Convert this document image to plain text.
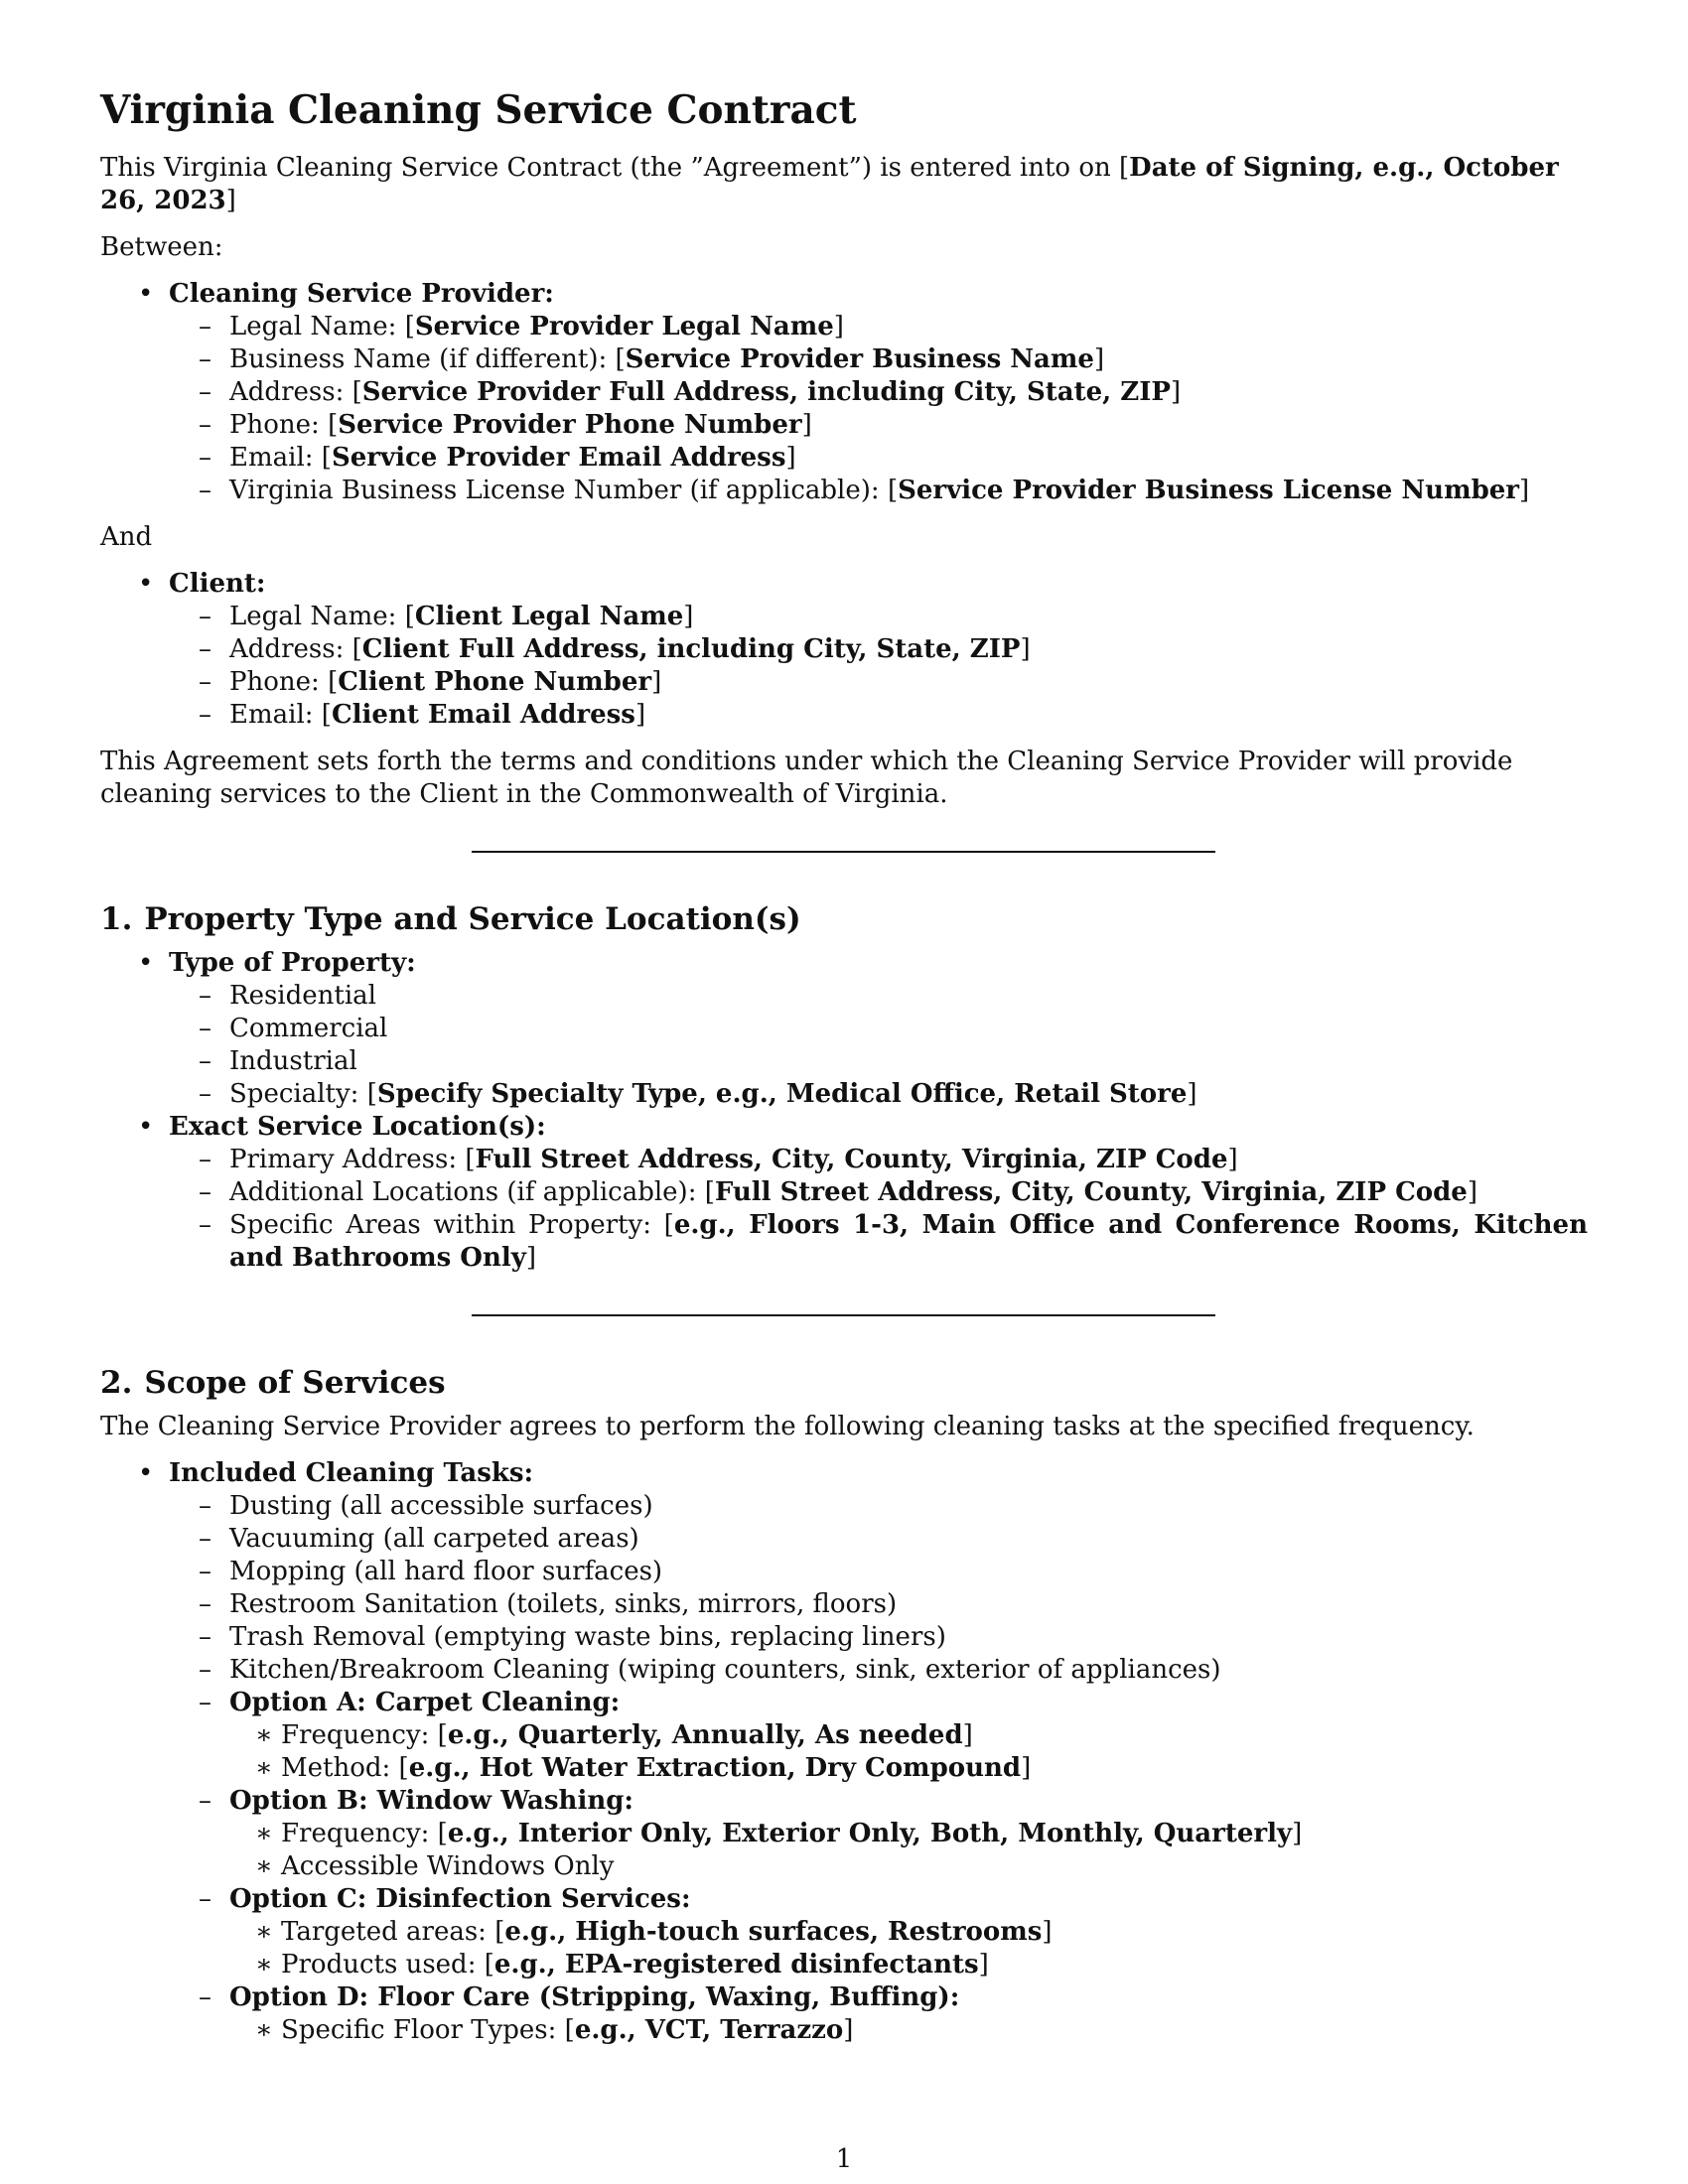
Virginia Cleaning Service Contract

This Virginia Cleaning Service Contract (the ”Agreement”) is entered into on [Date of Signing, e.g., October 26, 2023]

Between:

• Cleaning Service Provider:
– Legal Name: [Service Provider Legal Name]
– Business Name (if different): [Service Provider Business Name]
– Address: [Service Provider Full Address, including City, State, ZIP]
– Phone: [Service Provider Phone Number]
– Email: [Service Provider Email Address]
– Virginia Business License Number (if applicable): [Service Provider Business License Number]

And

• Client:
– Legal Name: [Client Legal Name]
– Address: [Client Full Address, including City, State, ZIP]
– Phone: [Client Phone Number]
– Email: [Client Email Address]

This Agreement sets forth the terms and conditions under which the Cleaning Service Provider will provide cleaning services to the Client in the Commonwealth of Virginia.

1. Property Type and Service Location(s)
• Type of Property:
– Residential
– Commercial
– Industrial
– Specialty: [Specify Specialty Type, e.g., Medical Office, Retail Store]
• Exact Service Location(s):
– Primary Address: [Full Street Address, City, County, Virginia, ZIP Code]
– Additional Locations (if applicable): [Full Street Address, City, County, Virginia, ZIP Code]
– Specific Areas within Property: [e.g., Floors 1-3, Main Office and Conference Rooms, Kitchen and Bathrooms Only]
2. Scope of Services

The Cleaning Service Provider agrees to perform the following cleaning tasks at the specified frequency.

• Included Cleaning Tasks:
– Dusting (all accessible surfaces)
– Vacuuming (all carpeted areas)
– Mopping (all hard floor surfaces)
– Restroom Sanitation (toilets, sinks, mirrors, floors)
– Trash Removal (emptying waste bins, replacing liners)
– Kitchen/Breakroom Cleaning (wiping counters, sink, exterior of appliances)
– Option A: Carpet Cleaning:
∗ Frequency: [e.g., Quarterly, Annually, As needed]
∗ Method: [e.g., Hot Water Extraction, Dry Compound]
– Option B: Window Washing:
∗ Frequency: [e.g., Interior Only, Exterior Only, Both, Monthly, Quarterly]
∗ Accessible Windows Only
– Option C: Disinfection Services:
∗ Targeted areas: [e.g., High-touch surfaces, Restrooms]
∗ Products used: [e.g., EPA-registered disinfectants]
– Option D: Floor Care (Stripping, Waxing, Buffing):
∗ Specific Floor Types: [e.g., VCT, Terrazzo]
1
